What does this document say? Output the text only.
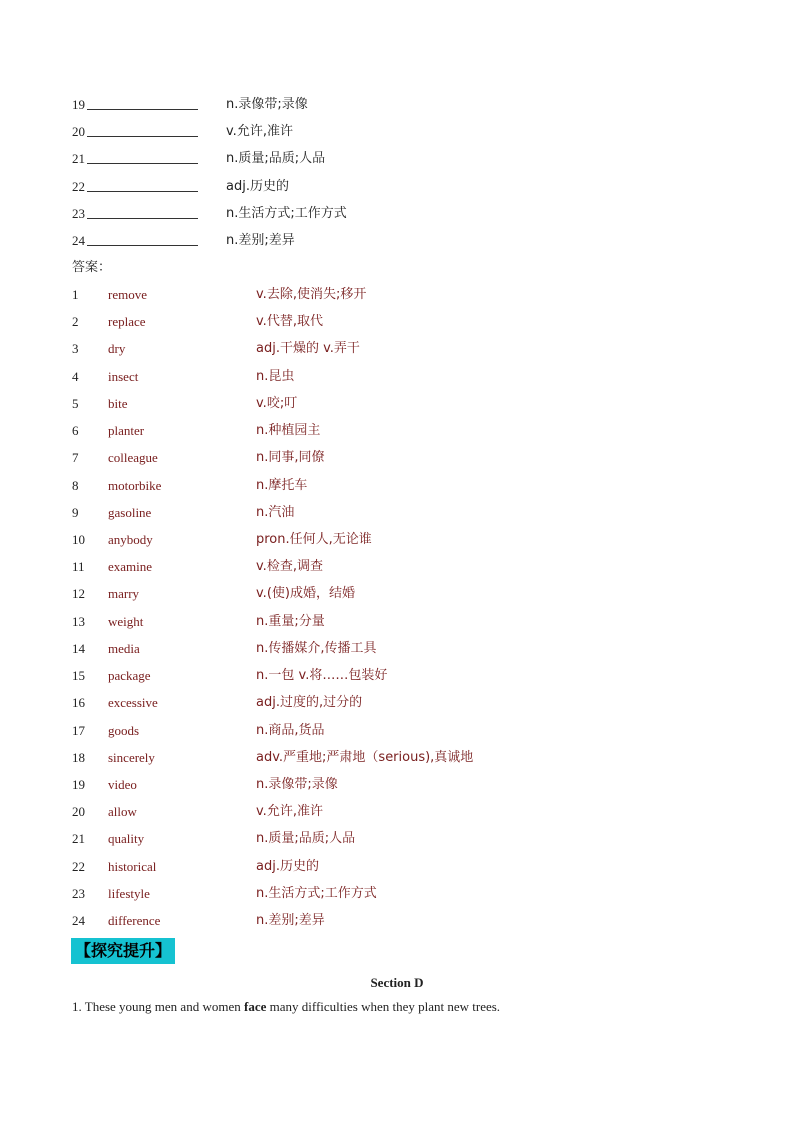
19	n.录像带;录像
20	v.允许,准许
21	n.质量;品质;人品
22	adj.历史的
23	n.生活方式;工作方式
24	n.差别;差异
答案：
1 remove	v.去除,使消失;移开
2 replace	v.代替,取代
3 dry	adj.干燥的 v.弄干
4 insect	n.昆虫
5 bite	v.咬;叮
6 planter	n.种植园主
7 colleague	n.同事,同僚
8 motorbike	n.摩托车
9 gasoline	n.汽油
10 anybody	pron.任何人,无论谁
11 examine	v.检查,调查
12 marry	v.(使)成婚，结婚
13 weight	n.重量;分量
14 media	n.传播媒介,传播工具
15 package	n.一包 v.将……包装好
16 excessive	adj.过度的,过分的
17 goods	n.商品,货品
18 sincerely	adv.严重地;严肃地（serious),真诚地
19 video	n.录像带;录像
20 allow	v.允许,准许
21 quality	n.质量;品质;人品
22 historical	adj.历史的
23 lifestyle	n.生活方式;工作方式
24 difference	n.差别;差异
【探究提升】
Section D
1. These young men and women face many difficulties when they plant new trees.
